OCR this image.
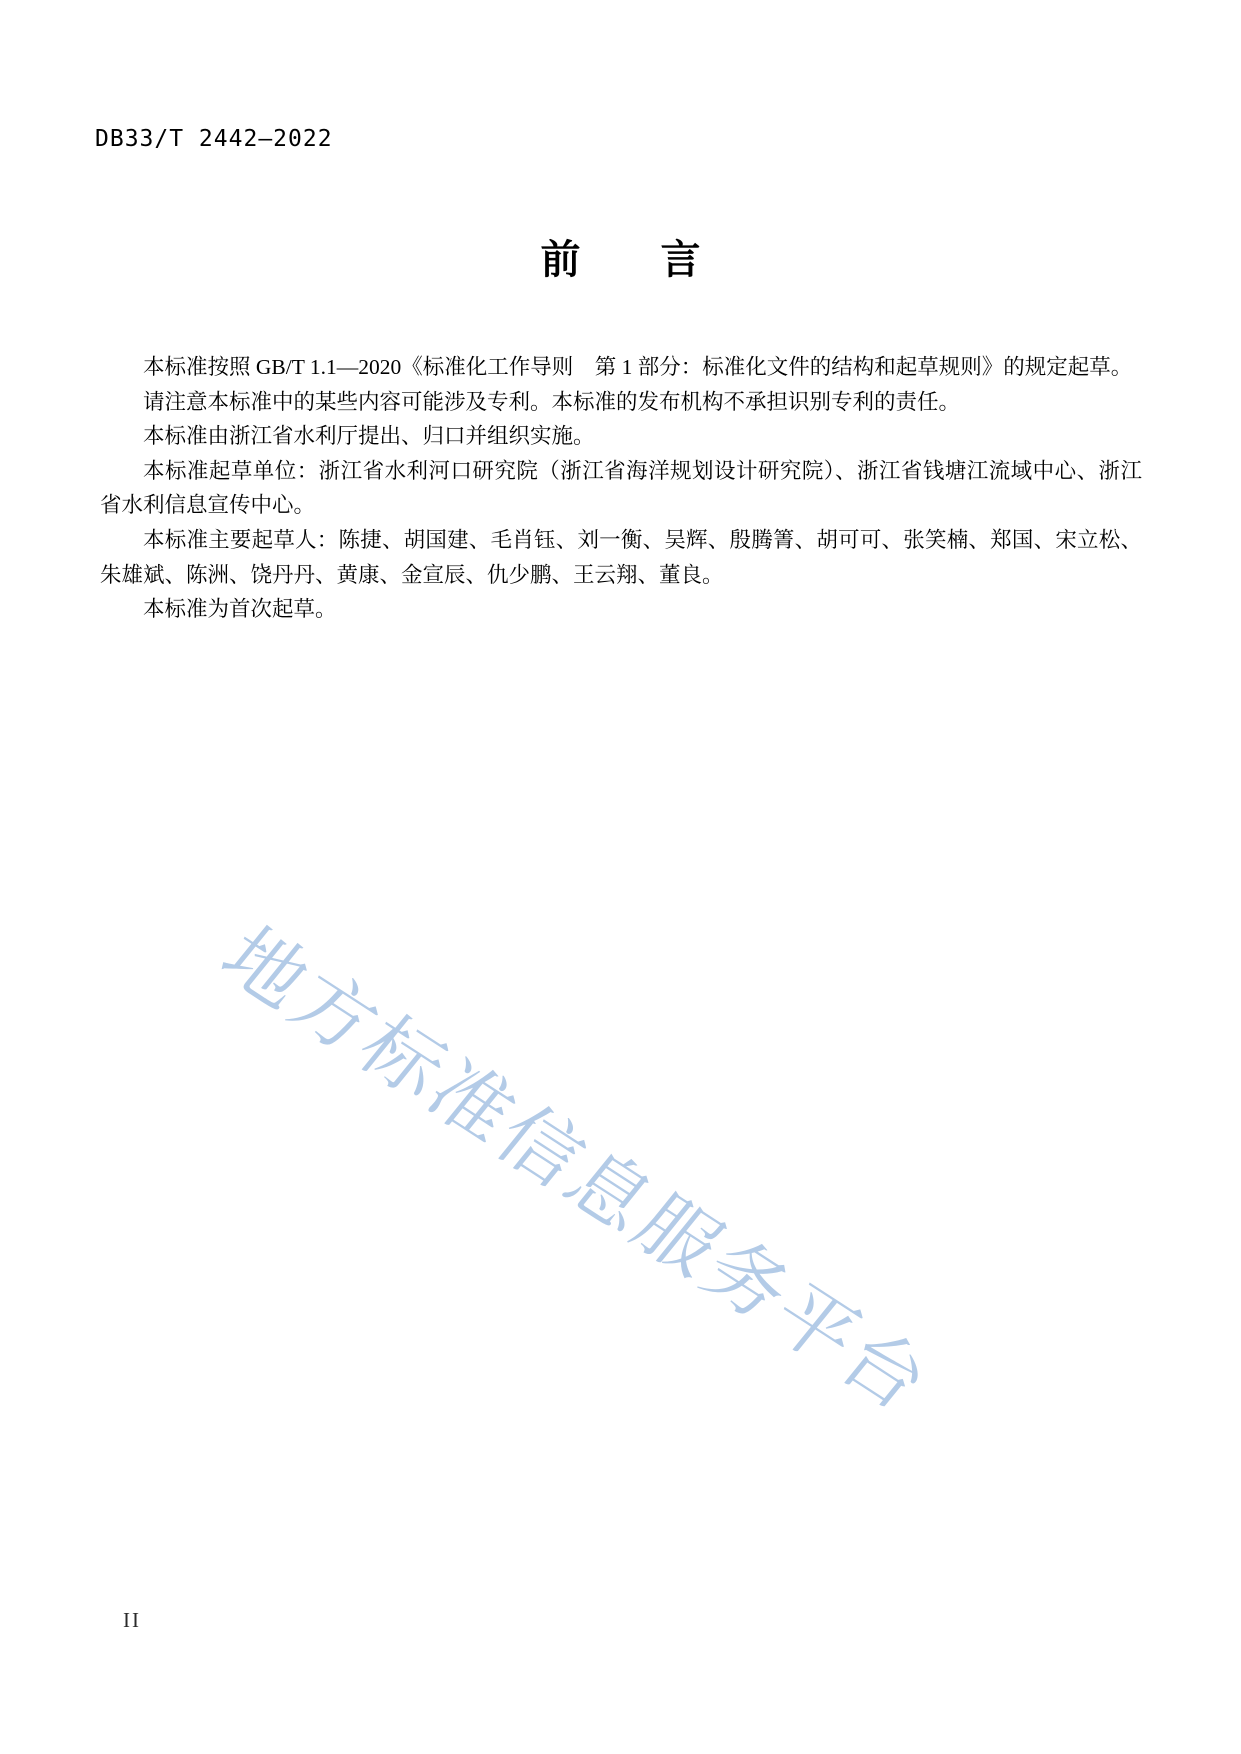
DB33/T 2442—2022
前　　言

本标准按照 GB/T 1.1—2020《标准化工作导则　第 1 部分：标准化文件的结构和起草规则》的规定起草。

请注意本标准中的某些内容可能涉及专利。本标准的发布机构不承担识别专利的责任。

本标准由浙江省水利厅提出、归口并组织实施。

本标准起草单位：浙江省水利河口研究院（浙江省海洋规划设计研究院）、浙江省钱塘江流域中心、浙江省水利信息宣传中心。

本标准主要起草人：陈捷、胡国建、毛肖钰、刘一衡、吴辉、殷腾箐、胡可可、张笑楠、郑国、宋立松、朱雄斌、陈洲、饶丹丹、黄康、金宣辰、仇少鹏、王云翔、董良。

本标准为首次起草。

地方标准信息服务平台
II
